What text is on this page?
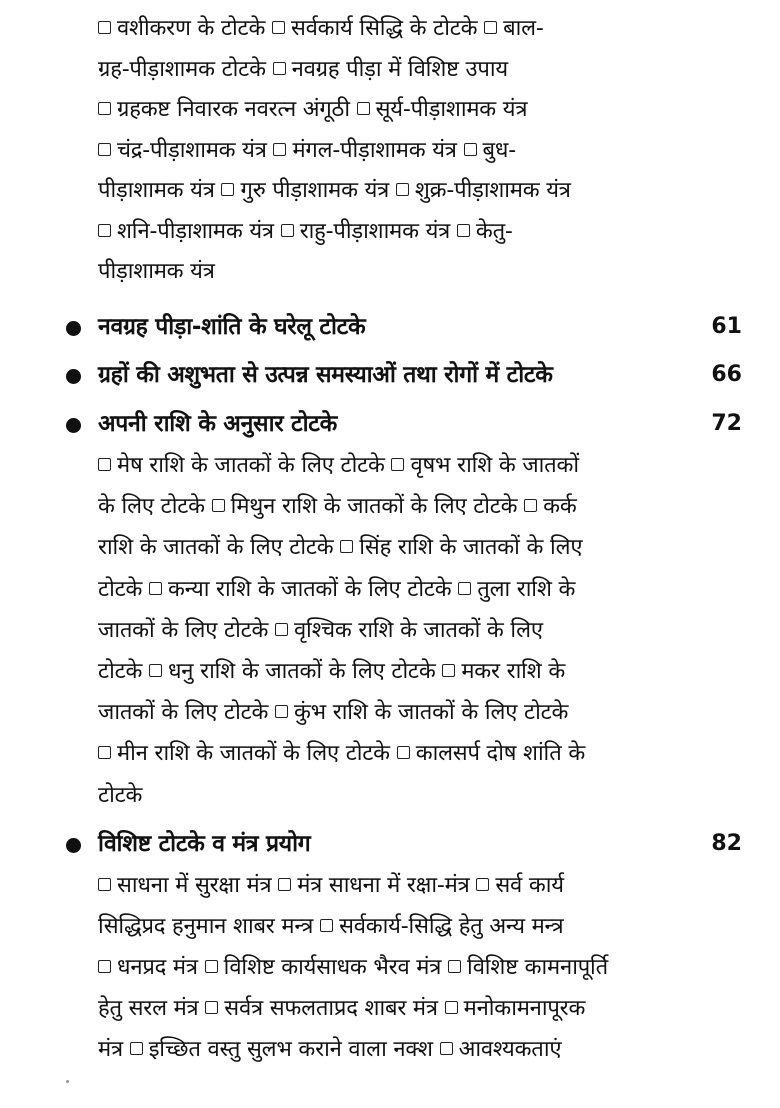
वशीकरण के टोटके सर्वकार्य सिद्धि के टोटके बाल-
ग्रह-पीड़ाशामक टोटके नवग्रह पीड़ा में विशिष्ट उपाय
ग्रहकष्ट निवारक नवरत्न अंगूठी सूर्य-पीड़ाशामक यंत्र
चंद्र-पीड़ाशामक यंत्र मंगल-पीड़ाशामक यंत्र बुध-
पीड़ाशामक यंत्र गुरु पीड़ाशामक यंत्र शुक्र-पीड़ाशामक यंत्र
शनि-पीड़ाशामक यंत्र राहु-पीड़ाशामक यंत्र केतु-
पीड़ाशामक यंत्र
नवग्रह पीड़ा-शांति के घरेलू टोटके	61
ग्रहों की अशुभता से उत्पन्न समस्याओं तथा रोगों में टोटके	66
अपनी राशि के अनुसार टोटके	72
मेष राशि के जातकों के लिए टोटके वृषभ राशि के जातकों
के लिए टोटके मिथुन राशि के जातकों के लिए टोटके कर्क
राशि के जातकों के लिए टोटके सिंह राशि के जातकों के लिए
टोटके कन्या राशि के जातकों के लिए टोटके तुला राशि के
जातकों के लिए टोटके वृश्चिक राशि के जातकों के लिए
टोटके धनु राशि के जातकों के लिए टोटके मकर राशि के
जातकों के लिए टोटके कुंभ राशि के जातकों के लिए टोटके
मीन राशि के जातकों के लिए टोटके कालसर्प दोष शांति के
टोटके
विशिष्ट टोटके व मंत्र प्रयोग	82
साधना में सुरक्षा मंत्र मंत्र साधना में रक्षा-मंत्र सर्व कार्य
सिद्धिप्रद हनुमान शाबर मन्त्र सर्वकार्य-सिद्धि हेतु अन्य मन्त्र
धनप्रद मंत्र विशिष्ट कार्यसाधक भैरव मंत्र विशिष्ट कामनापूर्ति
हेतु सरल मंत्र सर्वत्र सफलताप्रद शाबर मंत्र मनोकामनापूरक
मंत्र इच्छित वस्तु सुलभ कराने वाला नक्श आवश्यकताएं
